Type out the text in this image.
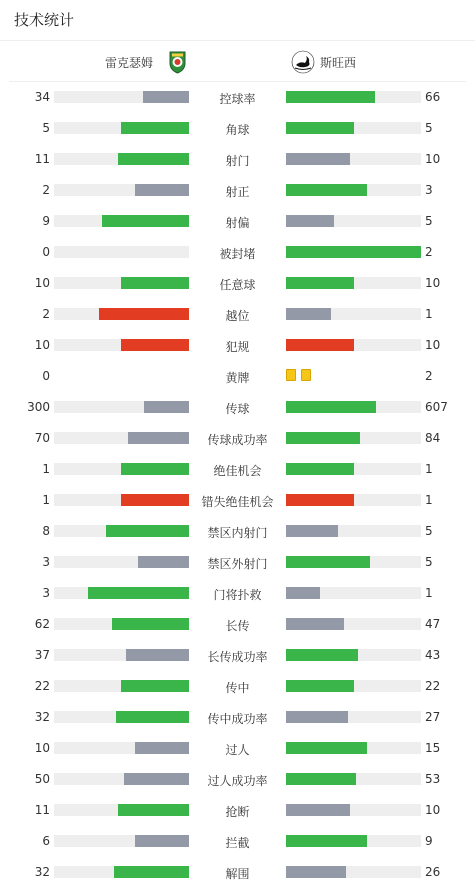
技术统计
雷克瑟姆	斯旺西
34	控球率	66
5	角球	5
11	射门	10
2	射正	3
9	射偏	5
0	被封堵	2
10	任意球	10
2	越位	1
10	犯规	10
0	黄牌	2
300	传球	607
70	传球成功率	84
1	绝佳机会	1
1	错失绝佳机会	1
8	禁区内射门	5
3	禁区外射门	5
3	门将扑救	1
62	长传	47
37	长传成功率	43
22	传中	22
32	传中成功率	27
10	过人	15
50	过人成功率	53
11	抢断	10
6	拦截	9
32	解围	26
